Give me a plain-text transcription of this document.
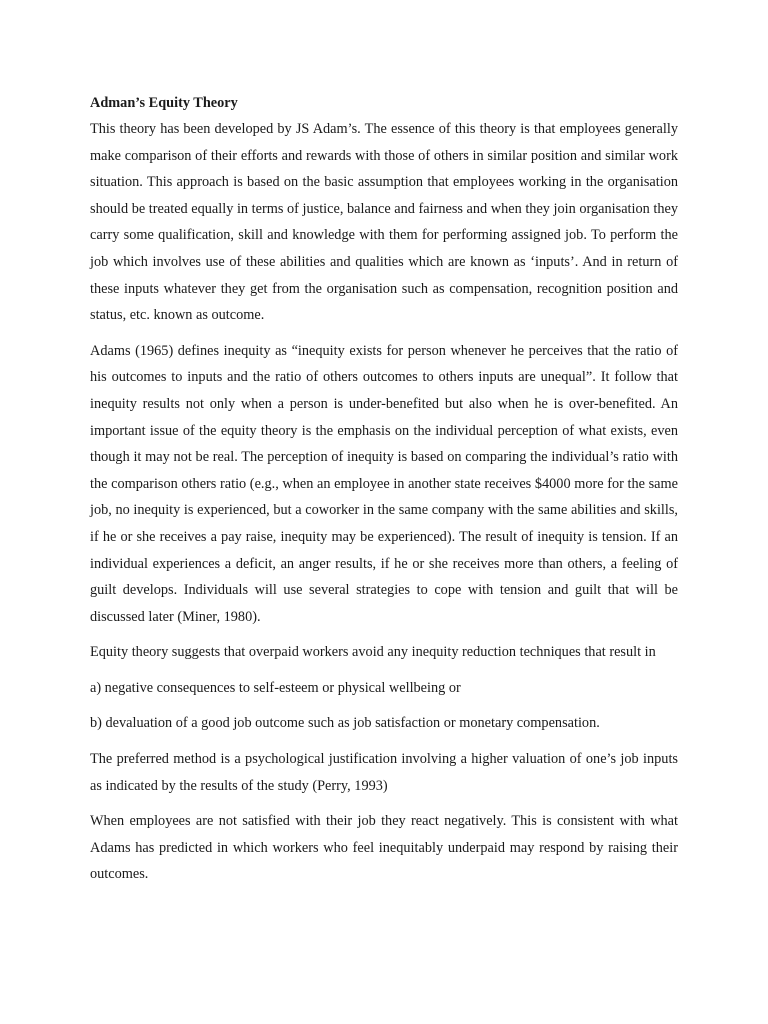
Adman’s Equity Theory

This theory has been developed by JS Adam’s. The essence of this theory is that employees generally make comparison of their efforts and rewards with those of others in similar position and similar work situation. This approach is based on the basic assumption that employees working in the organisation should be treated equally in terms of justice, balance and fairness and when they join organisation they carry some qualification, skill and knowledge with them for performing assigned job. To perform the job which involves use of these abilities and qualities which are known as ‘inputs’. And in return of these inputs whatever they get from the organisation such as compensation, recognition position and status, etc. known as outcome.

Adams (1965) defines inequity as “inequity exists for person whenever he perceives that the ratio of his outcomes to inputs and the ratio of others outcomes to others inputs are unequal”. It follow that inequity results not only when a person is under-benefited but also when he is over-benefited. An important issue of the equity theory is the emphasis on the individual perception of what exists, even though it may not be real. The perception of inequity is based on comparing the individual’s ratio with the comparison others ratio (e.g., when an employee in another state receives $4000 more for the same job, no inequity is experienced, but a coworker in the same company with the same abilities and skills, if he or she receives a pay raise, inequity may be experienced). The result of inequity is tension. If an individual experiences a deficit, an anger results, if he or she receives more than others, a feeling of guilt develops. Individuals will use several strategies to cope with tension and guilt that will be discussed later (Miner, 1980).

Equity theory suggests that overpaid workers avoid any inequity reduction techniques that result in

a) negative consequences to self-esteem or physical wellbeing or

b) devaluation of a good job outcome such as job satisfaction or monetary compensation.

The preferred method is a psychological justification involving a higher valuation of one’s job inputs as indicated by the results of the study (Perry, 1993)

When employees are not satisfied with their job they react negatively. This is consistent with what Adams has predicted in which workers who feel inequitably underpaid may respond by raising their outcomes.
